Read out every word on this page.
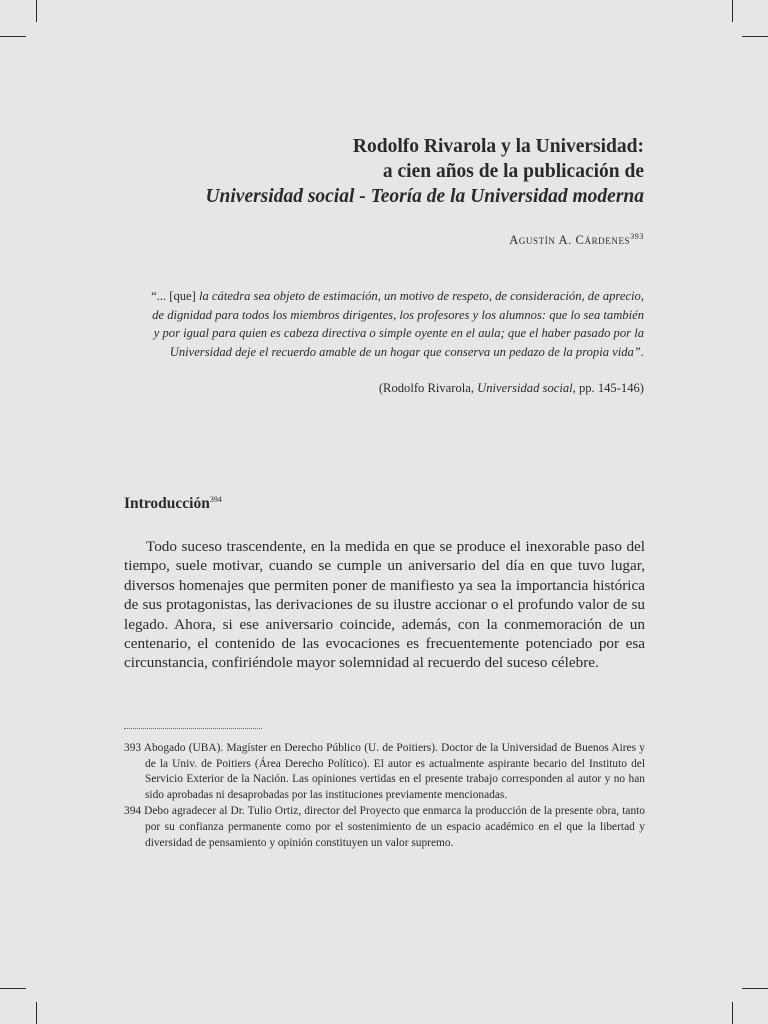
Rodolfo Rivarola y la Universidad:
a cien años de la publicación de
Universidad social - Teoría de la Universidad moderna
Agustín A. Cárdenes$^{393}$
“... [que] la cátedra sea objeto de estimación, un motivo de respeto, de consideración, de aprecio, de dignidad para todos los miembros dirigentes, los profesores y los alumnos: que lo sea también y por igual para quien es cabeza directiva o simple oyente en el aula; que el haber pasado por la Universidad deje el recuerdo amable de un hogar que conserva un pedazo de la propia vida”.
(Rodolfo Rivarola, Universidad social, pp. 145-146)
Introducción$^{394}$

Todo suceso trascendente, en la medida en que se produce el inexorable paso del tiempo, suele motivar, cuando se cumple un aniversario del día en que tuvo lugar, diversos homenajes que permiten poner de manifiesto ya sea la importancia histórica de sus protagonistas, las derivaciones de su ilustre accionar o el profundo valor de su legado. Ahora, si ese aniversario coincide, además, con la conmemoración de un centenario, el contenido de las evocaciones es frecuentemente potenciado por esa circunstancia, confiriéndole mayor solemnidad al recuerdo del suceso célebre.

393 Abogado (UBA). Magíster en Derecho Público (U. de Poitiers). Doctor de la Universidad de Buenos Aires y de la Univ. de Poitiers (Área Derecho Político). El autor es actualmente aspirante becario del Instituto del Servicio Exterior de la Nación. Las opiniones vertidas en el presente trabajo corresponden al autor y no han sido aprobadas ni desaprobadas por las instituciones previamente mencionadas.

394 Debo agradecer al Dr. Tulio Ortiz, director del Proyecto que enmarca la producción de la presente obra, tanto por su confianza permanente como por el sostenimiento de un espacio académico en el que la libertad y diversidad de pensamiento y opinión constituyen un valor supremo.
